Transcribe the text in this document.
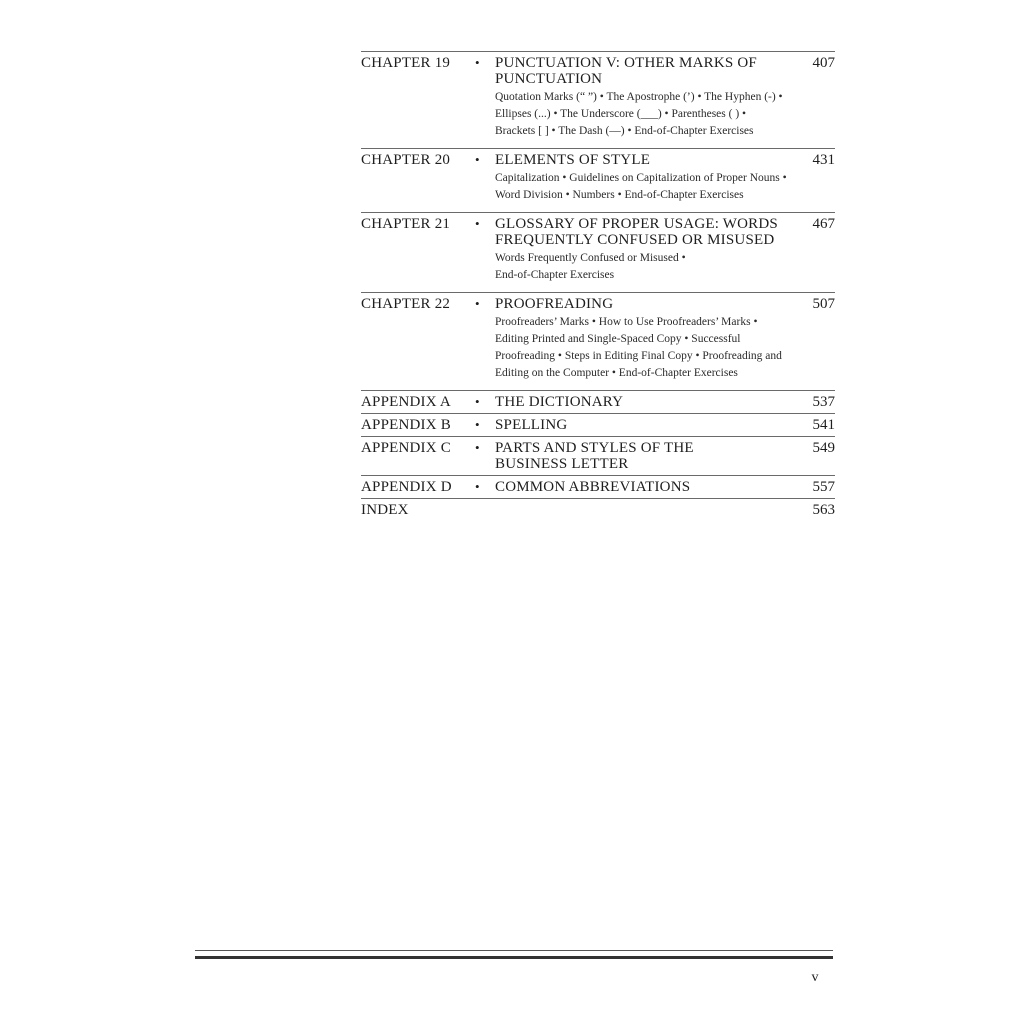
CHAPTER 19	•	PUNCTUATION V: OTHER MARKS OF
PUNCTUATION
Quotation Marks (“ ”) • The Apostrophe (’) • The Hyphen (-) •
Ellipses (...) • The Underscore (___) • Parentheses ( ) •
Brackets [ ] • The Dash (—) • End-of-Chapter Exercises
407
CHAPTER 20	•	ELEMENTS OF STYLE
Capitalization • Guidelines on Capitalization of Proper Nouns •
Word Division • Numbers • End-of-Chapter Exercises
431
CHAPTER 21	•	GLOSSARY OF PROPER USAGE: WORDS
FREQUENTLY CONFUSED OR MISUSED
Words Frequently Confused or Misused •
End-of-Chapter Exercises
467
CHAPTER 22	•	PROOFREADING
Proofreaders’ Marks • How to Use Proofreaders’ Marks •
Editing Printed and Single-Spaced Copy • Successful
Proofreading • Steps in Editing Final Copy • Proofreading and
Editing on the Computer • End-of-Chapter Exercises
507
APPENDIX A	•	THE DICTIONARY	537
APPENDIX B	•	SPELLING	541
APPENDIX C	•	PARTS AND STYLES OF THE
BUSINESS LETTER
549
APPENDIX D	•	COMMON ABBREVIATIONS	557
INDEX	563
v
